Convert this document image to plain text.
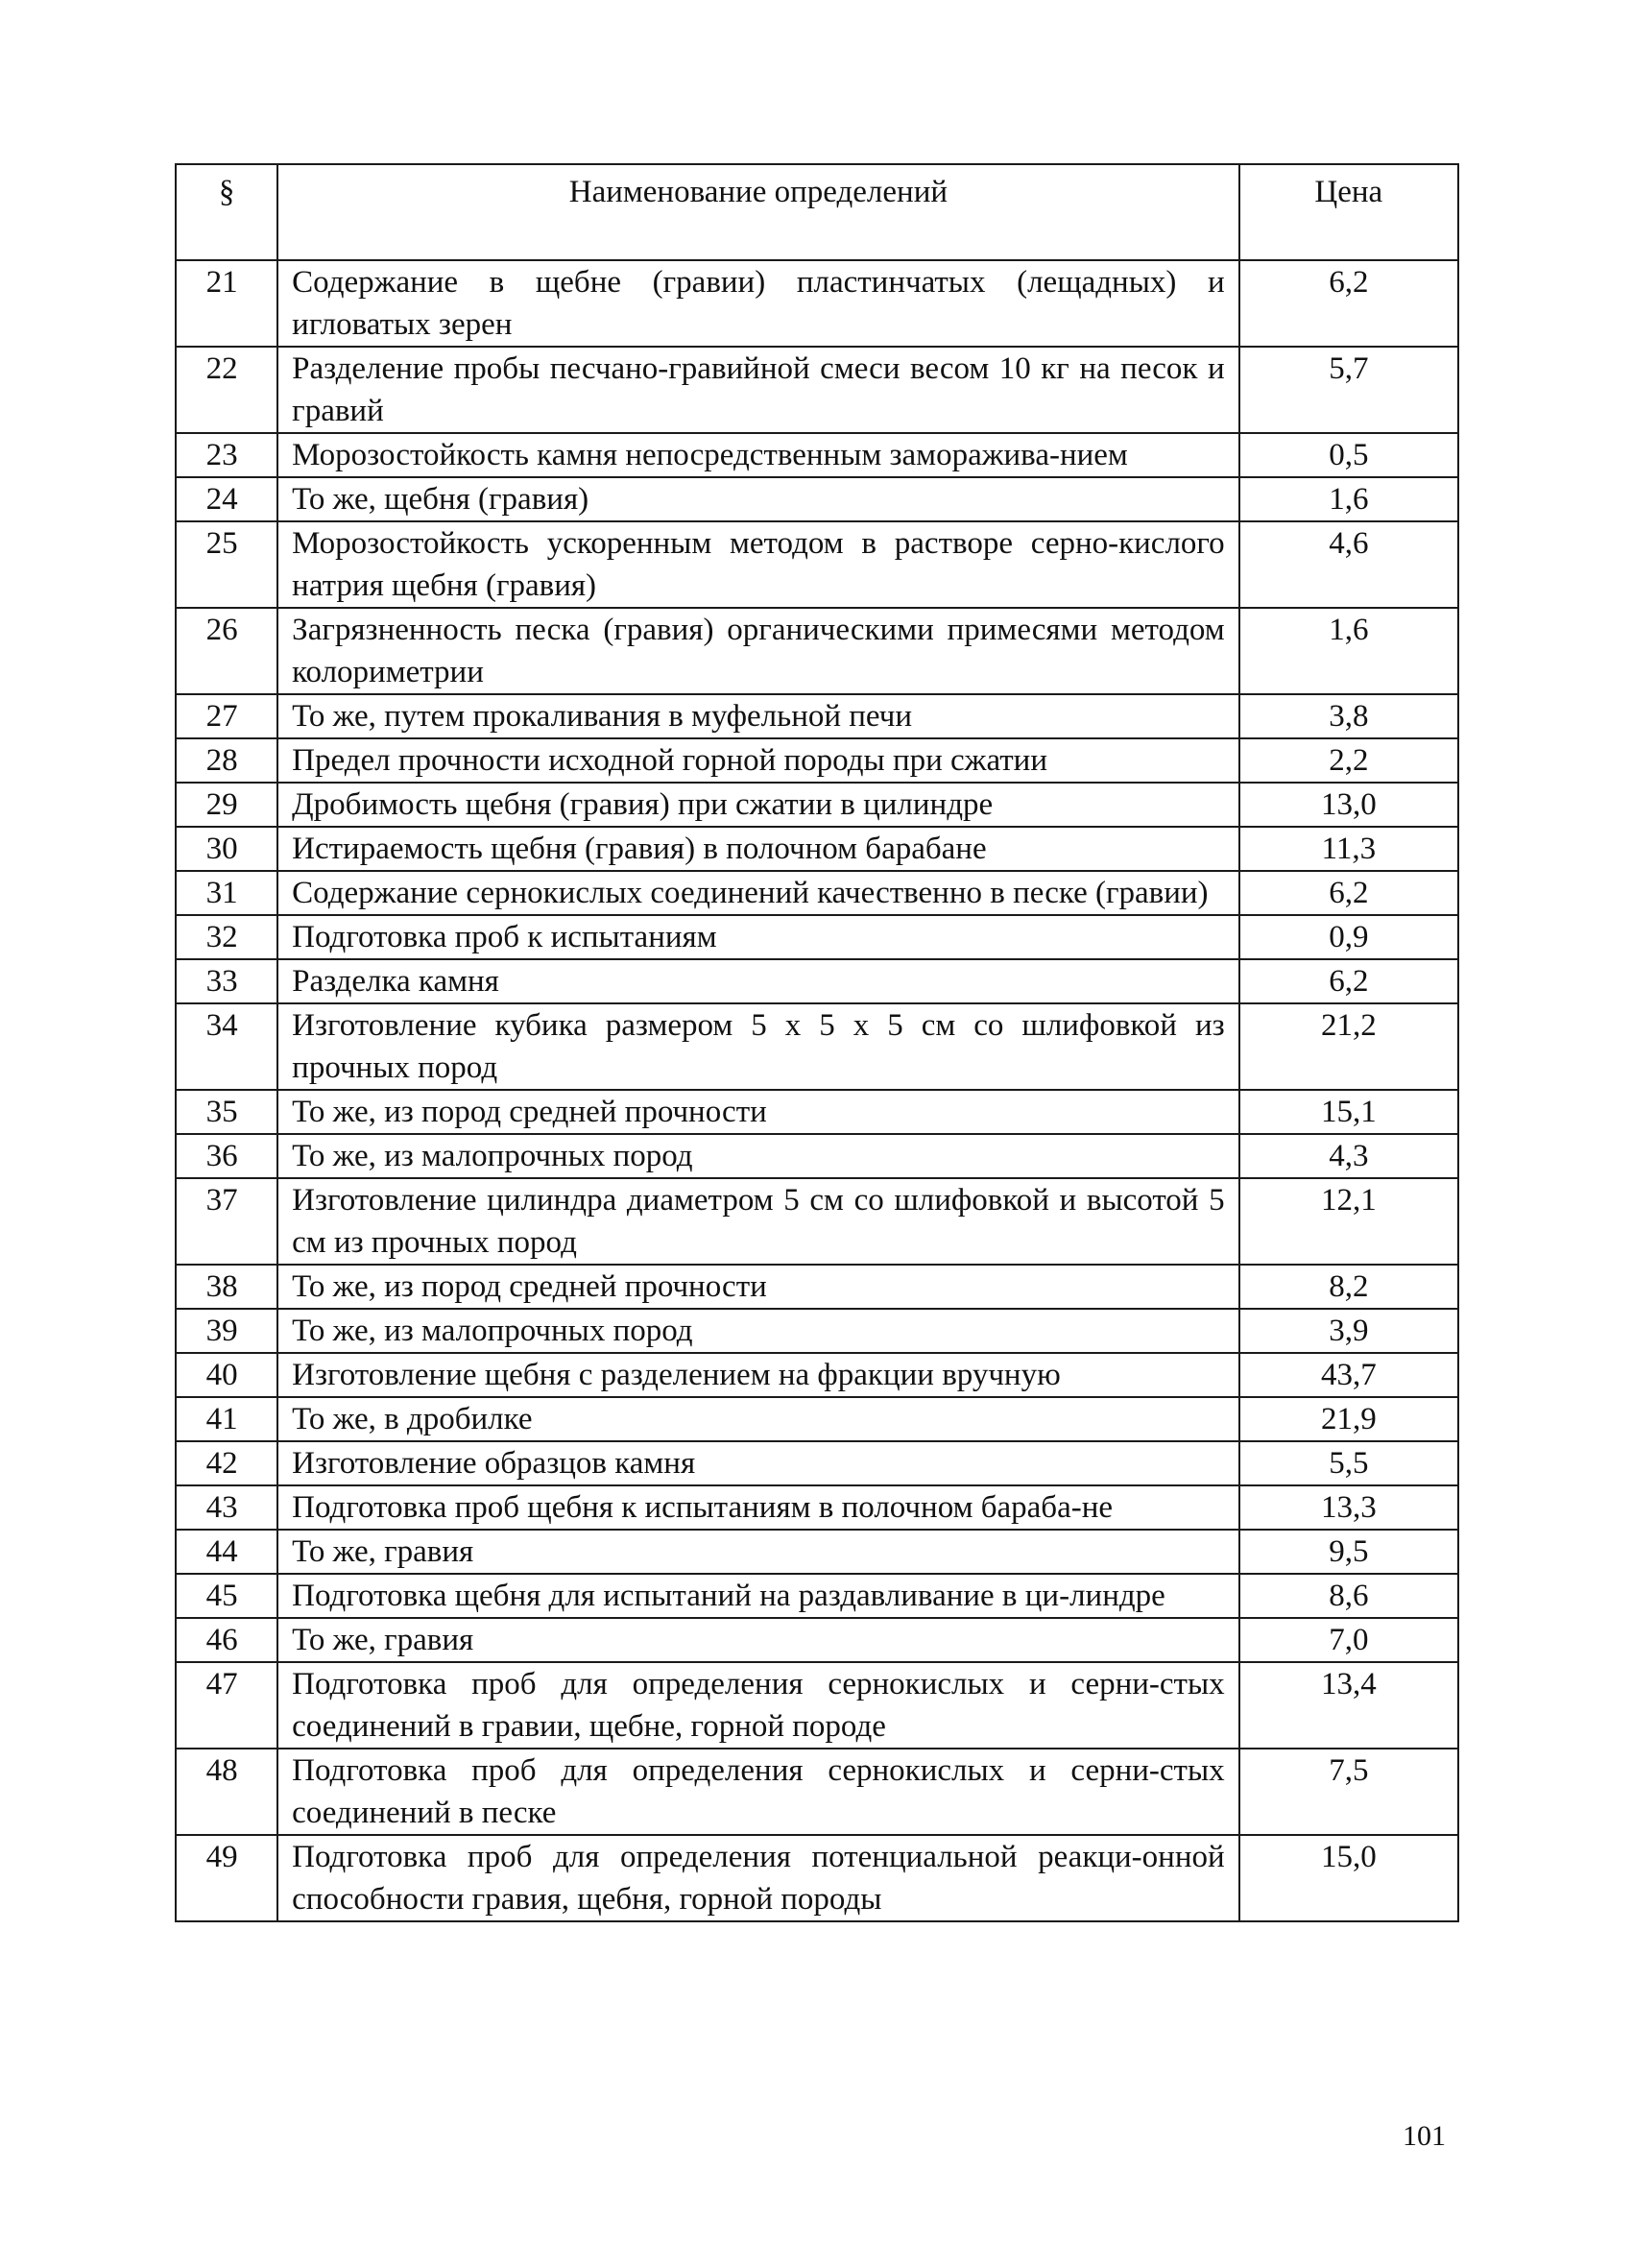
§	Наименование определений	Цена
21	Содержание в щебне (гравии) пластинчатых (лещадных) и игловатых зерен	6,2
22	Разделение пробы песчано-гравийной смеси весом 10 кг на песок и гравий	5,7
23	Морозостойкость камня непосредственным заморажива-нием	0,5
24	То же, щебня (гравия)	1,6
25	Морозостойкость ускоренным методом в растворе серно-кислого натрия щебня (гравия)	4,6
26	Загрязненность песка (гравия) органическими примесями методом колориметрии	1,6
27	То же, путем прокаливания в муфельной печи	3,8
28	Предел прочности исходной горной породы при сжатии	2,2
29	Дробимость щебня (гравия) при сжатии в цилиндре	13,0
30	Истираемость щебня (гравия) в полочном барабане	11,3
31	Содержание сернокислых соединений качественно в песке (гравии)	6,2
32	Подготовка проб к испытаниям	0,9
33	Разделка камня	6,2
34	Изготовление кубика размером 5 х 5 х 5 см со шлифовкой из прочных пород	21,2
35	То же, из пород средней прочности	15,1
36	То же, из малопрочных пород	4,3
37	Изготовление цилиндра диаметром 5 см со шлифовкой и высотой 5 см из прочных пород	12,1
38	То же, из пород средней прочности	8,2
39	То же, из малопрочных пород	3,9
40	Изготовление щебня с разделением на фракции вручную	43,7
41	То же, в дробилке	21,9
42	Изготовление образцов камня	5,5
43	Подготовка проб щебня к испытаниям в полочном бараба-не	13,3
44	То же, гравия	9,5
45	Подготовка щебня для испытаний на раздавливание в ци-линдре	8,6
46	То же, гравия	7,0
47	Подготовка проб для определения сернокислых и серни-стых соединений в гравии, щебне, горной породе	13,4
48	Подготовка проб для определения сернокислых и серни-стых соединений в песке	7,5
49	Подготовка проб для определения потенциальной реакци-онной способности гравия, щебня, горной породы	15,0
101
